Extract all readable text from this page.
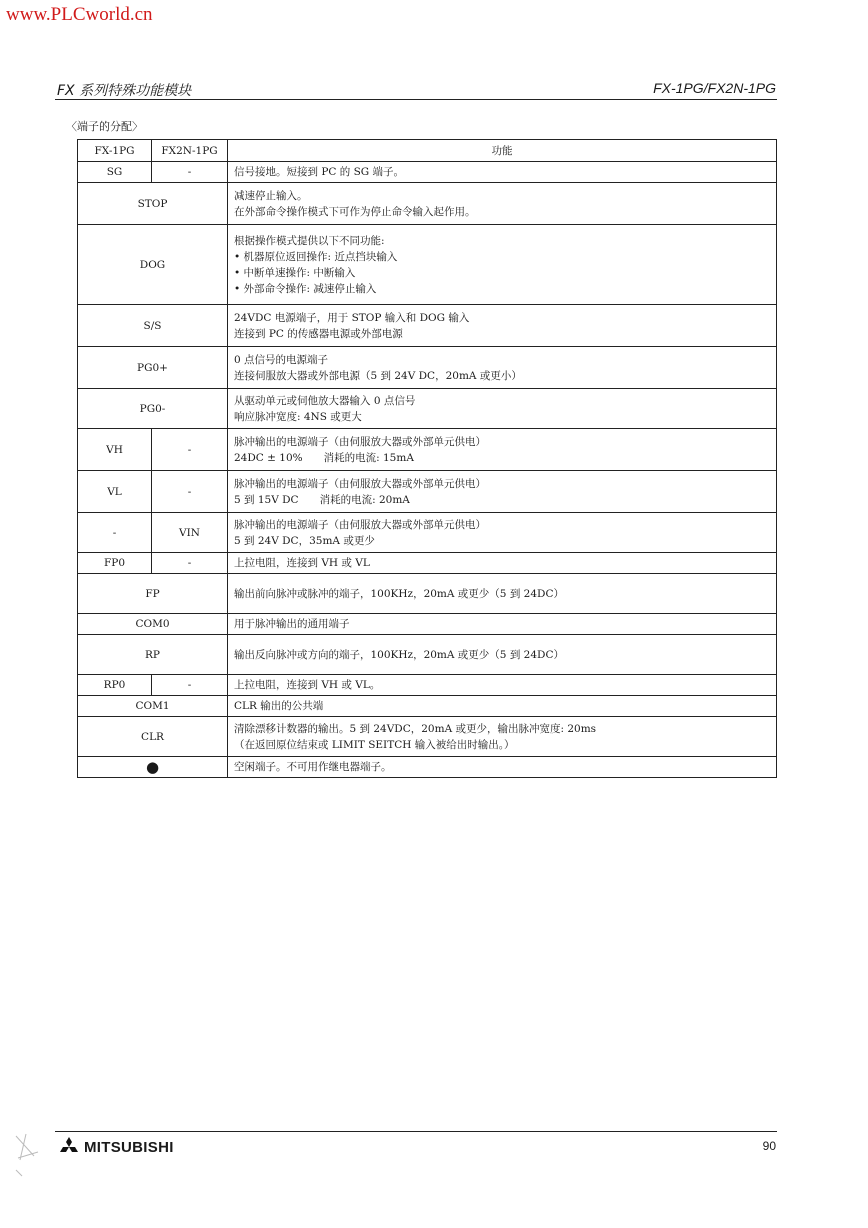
www.PLCworld.cn
FX 系列特殊功能模块	FX-1PG/FX2N-1PG
〈端子的分配〉
FX-1PG	FX2N-1PG	功能
SG	-	信号接地。短接到 PC 的 SG 端子。

STOP		减速停止输入。
在外部命令操作模式下可作为停止命令输入起作用。

DOG		根据操作模式提供以下不同功能:
• 机器原位返回操作: 近点挡块输入
• 中断单速操作: 中断输入
• 外部命令操作: 减速停止输入

S/S		24VDC 电源端子，用于 STOP 输入和 DOG 输入
连接到 PC 的传感器电源或外部电源

PG0+		0 点信号的电源端子
连接伺服放大器或外部电源（5 到 24V DC，20mA 或更小）

PG0-		从驱动单元或伺他放大器输入 0 点信号
响应脉冲宽度: 4NS 或更大

VH	-	脉冲输出的电源端子（由伺服放大器或外部单元供电）
24DC ± 10%　　消耗的电流: 15mA

VL	-	脉冲输出的电源端子（由伺服放大器或外部单元供电）
5 到 15V DC　　消耗的电流: 20mA

-	VIN	脉冲输出的电源端子（由伺服放大器或外部单元供电）
5 到 24V DC，35mA 或更少

FP0	-	上拉电阻，连接到 VH 或 VL

FP		输出前向脉冲或脉冲的端子，100KHz，20mA 或更少（5 到 24DC）

COM0		用于脉冲输出的通用端子

RP		输出反向脉冲或方向的端子，100KHz，20mA 或更少（5 到 24DC）

RP0	-	上拉电阻，连接到 VH 或 VL。

COM1		CLR 输出的公共端

CLR		清除漂移计数器的输出。5 到 24VDC，20mA 或更少，输出脉冲宽度: 20ms
（在返回原位结束或 LIMIT SEITCH 输入被给出时输出。）

●		空闲端子。不可用作继电器端子。
MITSUBISHI	90
